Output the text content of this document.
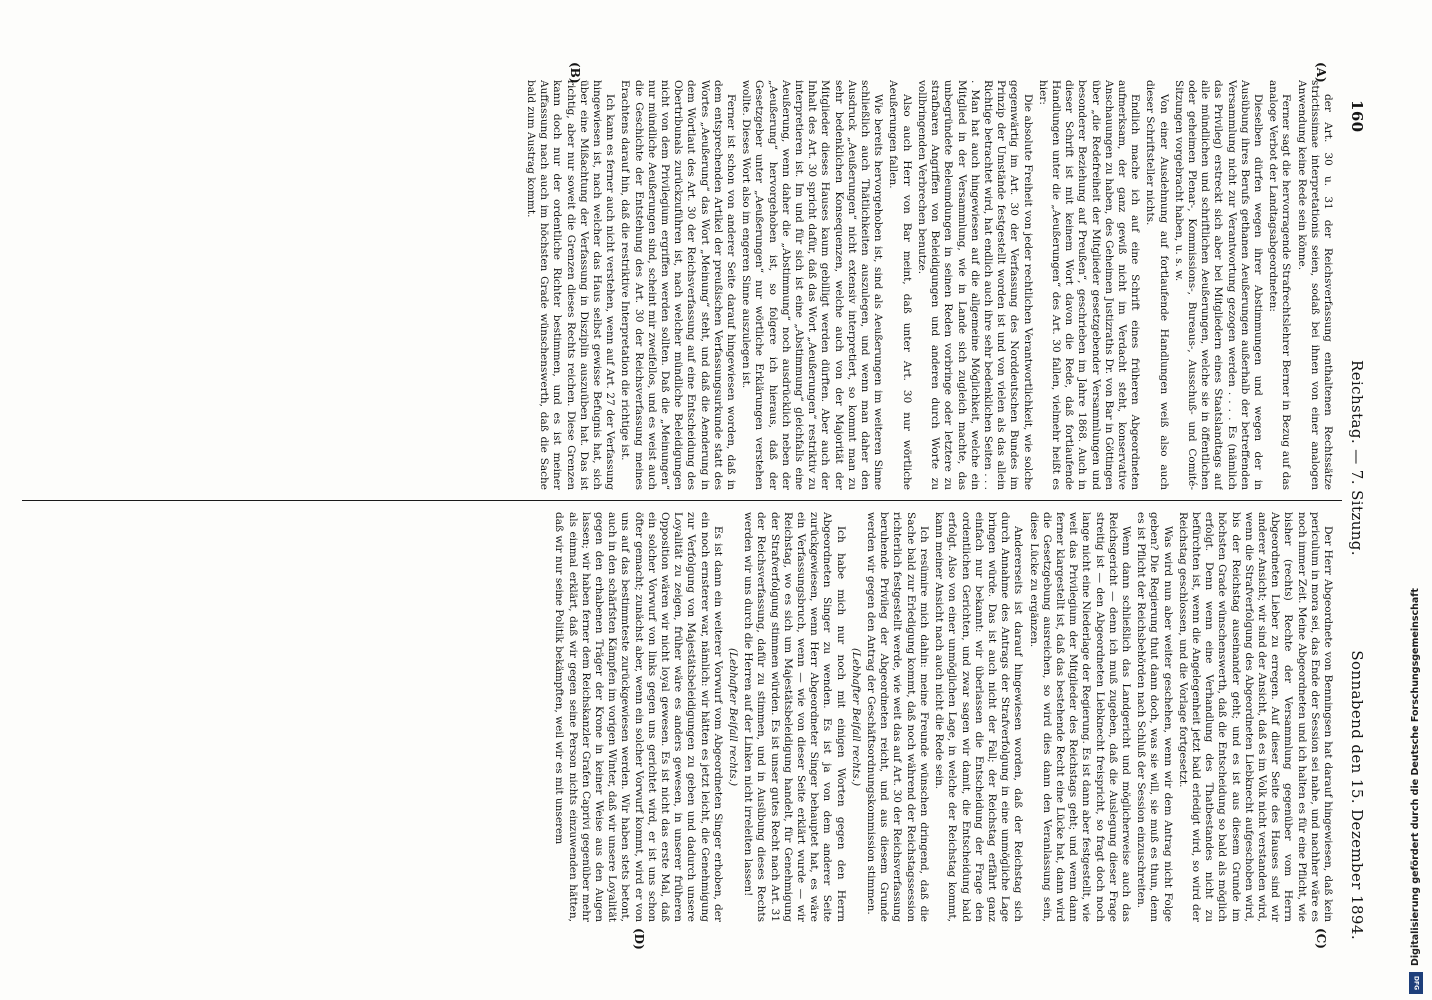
160
Reichstag. — 7. Sitzung.
Sonnabend den 15. Dezember 1894.
(A)
(B)
(C)
(D)

der Art. 30 u. 31 der Reichsverfassung enthaltenen Rechtssätze strictissimae interpretationis seien, sodaß bei ihnen von einer analogen Anwendung keine Rede sein könne.

Ferner sagt die hervorragende Strafrechtslehrer Berner in Bezug auf das analoge Verbot der Landtagsabgeordneten:

Dieselben dürfen wegen ihrer Abstimmungen und wegen der in Ausübung ihres Berufs gethanen Aeußerungen außerhalb der betreffenden Versammlung nicht zur Verantwortung gezogen werden . . . . Es (nämlich das Privileg) erstreckt sich aber bei Mitgliedern eines Staatslandtags auf alle mündlichen und schriftlichen Aeußerungen, welche sie in öffentlichen oder geheimen Plenar-, Kommissions-, Bureaus-, Ausschuß- und Comité-Sitzungen vorgebracht haben, u. s. w.

Von einer Ausdehnung auf fortlaufende Handlungen weiß also auch dieser Schriftsteller nichts.

Endlich mache ich auf eine Schrift eines früheren Abgeordneten aufmerksam, der ganz gewiß nicht im Verdacht steht, konservative Anschauungen zu haben, des Geheimen Justizraths Dr. von Bar in Göttingen über „die Redefreiheit der Mitglieder gesetzgebender Versammlungen und besonderer Beziehung auf Preußen“, geschrieben im Jahre 1868. Auch in dieser Schrift ist mit keinem Wort davon die Rede, daß fortlaufende Handlungen unter die „Aeußerungen“ des Art. 30 fallen, vielmehr heißt es hier:

Die absolute Freiheit von jeder rechtlichen Verantwortlichkeit, wie solche gegenwärtig im Art. 30 der Verfassung des Norddeutschen Bundes im Prinzip der Umstände festgestellt worden ist und von vielen als das allein Richtige betrachtet wird, hat endlich auch ihre sehr bedenklichen Seiten . . . . Man hat auch hingewiesen auf die allgemeine Möglichkeit, welche ein Mitglied in der Versammlung, wie in Lande sich zugleich machte, das unbegründete Beleumdungen in seinen Reden vorbringe oder letztere zu strafbaren Angriffen von Beleidigungen und anderen durch Worte zu vollbringenden Verbrechen benutze.

Also auch Herr von Bar meint, daß unter Art. 30 nur wörtliche Aeußerungen fallen.

Wie bereits hervorgehoben ist, sind als Aeußerungen im weiteren Sinne schließlich auch Thätlichkeiten auszulegen, und wenn man daher den Ausdruck „Aeußerungen“ nicht extensiv interpretiert, so kommt man zu sehr bedenklichen Konsequenzen, welche auch von der Majorität der Mitglieder dieses Hauses kaum gebilligt werden dürften. Aber auch der Inhalt des Art. 30 spricht dafür, daß das Wort „Aeußerungen“ restriktiv zu interpretieren ist. Im und für sich ist eine „Abstimmung“ gleichfalls eine Aeußerung, wenn daher die „Abstimmung“ noch ausdrücklich neben der „Aeußerung“ hervorgehoben ist, so folgere ich hieraus, daß der Gesetzgeber unter „Aeußerungen“ nur wörtliche Erklärungen verstehen wollte. Dieses Wort also im engeren Sinne auszulegen ist.

Ferner ist schon von anderer Seite darauf hingewiesen worden, daß in dem entsprechenden Artikel der preußischen Verfassungsurkunde statt des Wortes „Aeußerung“ das Wort „Meinung“ steht, und daß die Aenderung in dem Wortlaut des Art. 30 der Reichsverfassung auf eine Entscheidung des Obertribunals zurückzuführen ist, nach welcher mündliche Beleidigungen nicht von dem Privilegium ergriffen werden sollten. Daß die „Meinungen“ nur mündliche Aeußerungen sind, scheint mir zweifellos, und es weist auch die Geschichte der Entstehung des Art. 30 der Reichsverfassung meines Erachtens darauf hin, daß die restriktive Interpretation die richtige ist.

Ich kann es ferner auch nicht verstehen, wenn auf Art. 27 der Verfassung hingewiesen ist, nach welcher das Haus selbst gewisse Befugnis hat, sich über eine Mißachtung der Verfassung in Disziplin auszuüben hat. Das ist richtig, aber nur soweit die Grenzen dieses Rechts reichen. Diese Grenzen kann doch nur der ordentliche Richter bestimmen, und es ist meiner Auffassung nach auch im höchsten Grade wünschenswerth, daß die Sache bald zum Austrag kommt.

Der Herr Abgeordnete von Benningsen hat darauf hingewiesen, daß kein periculum in mora sei, das Ende der Session sei nahe, und nachher wäre es noch immer Zeit. Meine Abgeordneten und ich halten es für eine Pflicht, wie bisher (rechts) Rechte der Versammlung gegenüber vom Herrn Abgeordneten Lieber zu erregen. Auf dieser Seite des Hauses sind wir anderer Ansicht; wir sind der Ansicht, daß es im Volk nicht verstanden wird, wenn die Strafverfolgung des Abgeordneten Liebknecht aufgeschoben wird, bis der Reichstag auseinander geht; und es ist aus diesem Grunde im höchsten Grade wünschenswerth, daß die Entscheidung so bald als möglich erfolgt. Denn wenn eine Verhandlung des Thatbestandes nicht zu befürchten ist, wenn die Angelegenheit jetzt bald erledigt wird, so wird der Reichstag geschlossen, und die Vorlage fortgesetzt.

Was wird nun aber weiter geschehen, wenn wir dem Antrag nicht Folge geben? Die Regierung thut dann doch, was sie will, sie muß es thun, denn es ist Pflicht der Reichsbehörden nach Schluß der Session einzuschreiten.

Wenn dann schließlich das Landgericht und möglicherweise auch das Reichsgericht — denn ich muß zugeben, daß die Auslegung dieser Frage streitig ist — den Abgeordneten Liebknecht freispricht, so fragt doch noch lange nicht eine Niederlage der Regierung. Es ist dann aber festgestellt, wie weit das Privilegium der Mitglieder des Reichstags geht; und wenn dann ferner klargestellt ist, daß das bestehende Recht eine Lücke hat, dann wird die Gesetzgebung ausreichen, so wird dies dann den Veranlassung sein, diese Lücke zu ergänzen.

Andererseits ist darauf hingewiesen worden, daß der Reichstag sich durch Annahme des Antrags der Strafverfolgung in eine unmögliche Lage bringen würde. Das ist auch nicht der Fall; der Reichstag erfährt ganz einfach nur bekannt: wir überlassen die Entscheidung der Frage den ordentlichen Gerichten, und zwar sagen wir damit, die Entscheidung bald erfolgt. Also von einer unmöglichen Lage, in welche der Reichstag kommt, kann meiner Ansicht nach auch nicht die Rede sein.

Ich resümire mich dahin: meine Freunde wünschen dringend, daß die Sache bald zur Erledigung kommt, daß noch während der Reichstagssession richterlich festgestellt werde, wie weit das auf Art. 30 der Reichsverfassung beruhende Privileg der Abgeordneten reicht, und aus diesem Grunde werden wir gegen den Antrag der Geschäftsordnungskommission stimmen.

(Lebhafter Beifall rechts.)

Ich habe mich nur noch mit einigen Worten gegen den Herrn Abgeordneten Singer zu wenden. Es ist ja von dem anderer Seite zurückgewiesen, wenn Herr Abgeordneter Singer behauptet hat, es wäre ein Verfassungsbruch, wenn — wie von dieser Seite erklärt wurde — wir Reichstag, wo es sich um Majestätsbeleidigung handelt, für Genehmigung der Strafverfolgung stimmen würden. Es ist unser gutes Recht nach Art. 31 der Reichsverfassung, dafür zu stimmen, und in Ausübung dieses Rechts werden wir uns durch die Herren auf der Linken nicht irreleiten lassen!

(Lebhafter Beifall rechts.)

Es ist dann ein weiterer Vorwurf vom Abgeordneten Singer erhoben, der ein noch ernsterer war, nämlich: wir hätten es jetzt leicht, die Genehmigung zur Verfolgung von Majestätsbeleidigungen zu geben und dadurch unsere Loyalität zu zeigen, früher wäre es anders gewesen, in unserer früheren Opposition wären wir nicht loyal gewesen. Es ist nicht das erste Mal, daß ein solcher Vorwurf von links gegen uns gerichtet wird, er ist uns schon öfter gemacht; zunächst aber, wenn ein solcher Vorwurf kommt, wird er von uns auf das bestimmteste zurückgewiesen werden. Wir haben stets betont, auch in den schärfsten Kämpfen im vorigen Winter, daß wir unsere Loyalität gegen den erhabenen Träger der Krone in keiner Weise aus den Augen lassen; wir haben ferner dem Reichskanzler Grafen Caprivi gegenüber mehr als einmal erklärt, daß wir gegen seine Person nichts einzuwenden hätten, daß wir nur seine Politik bekämpften, weil wir es mit unserem	Digitalisierung gefördert durch die Deutsche Forschungsgemeinschaft
DFG
